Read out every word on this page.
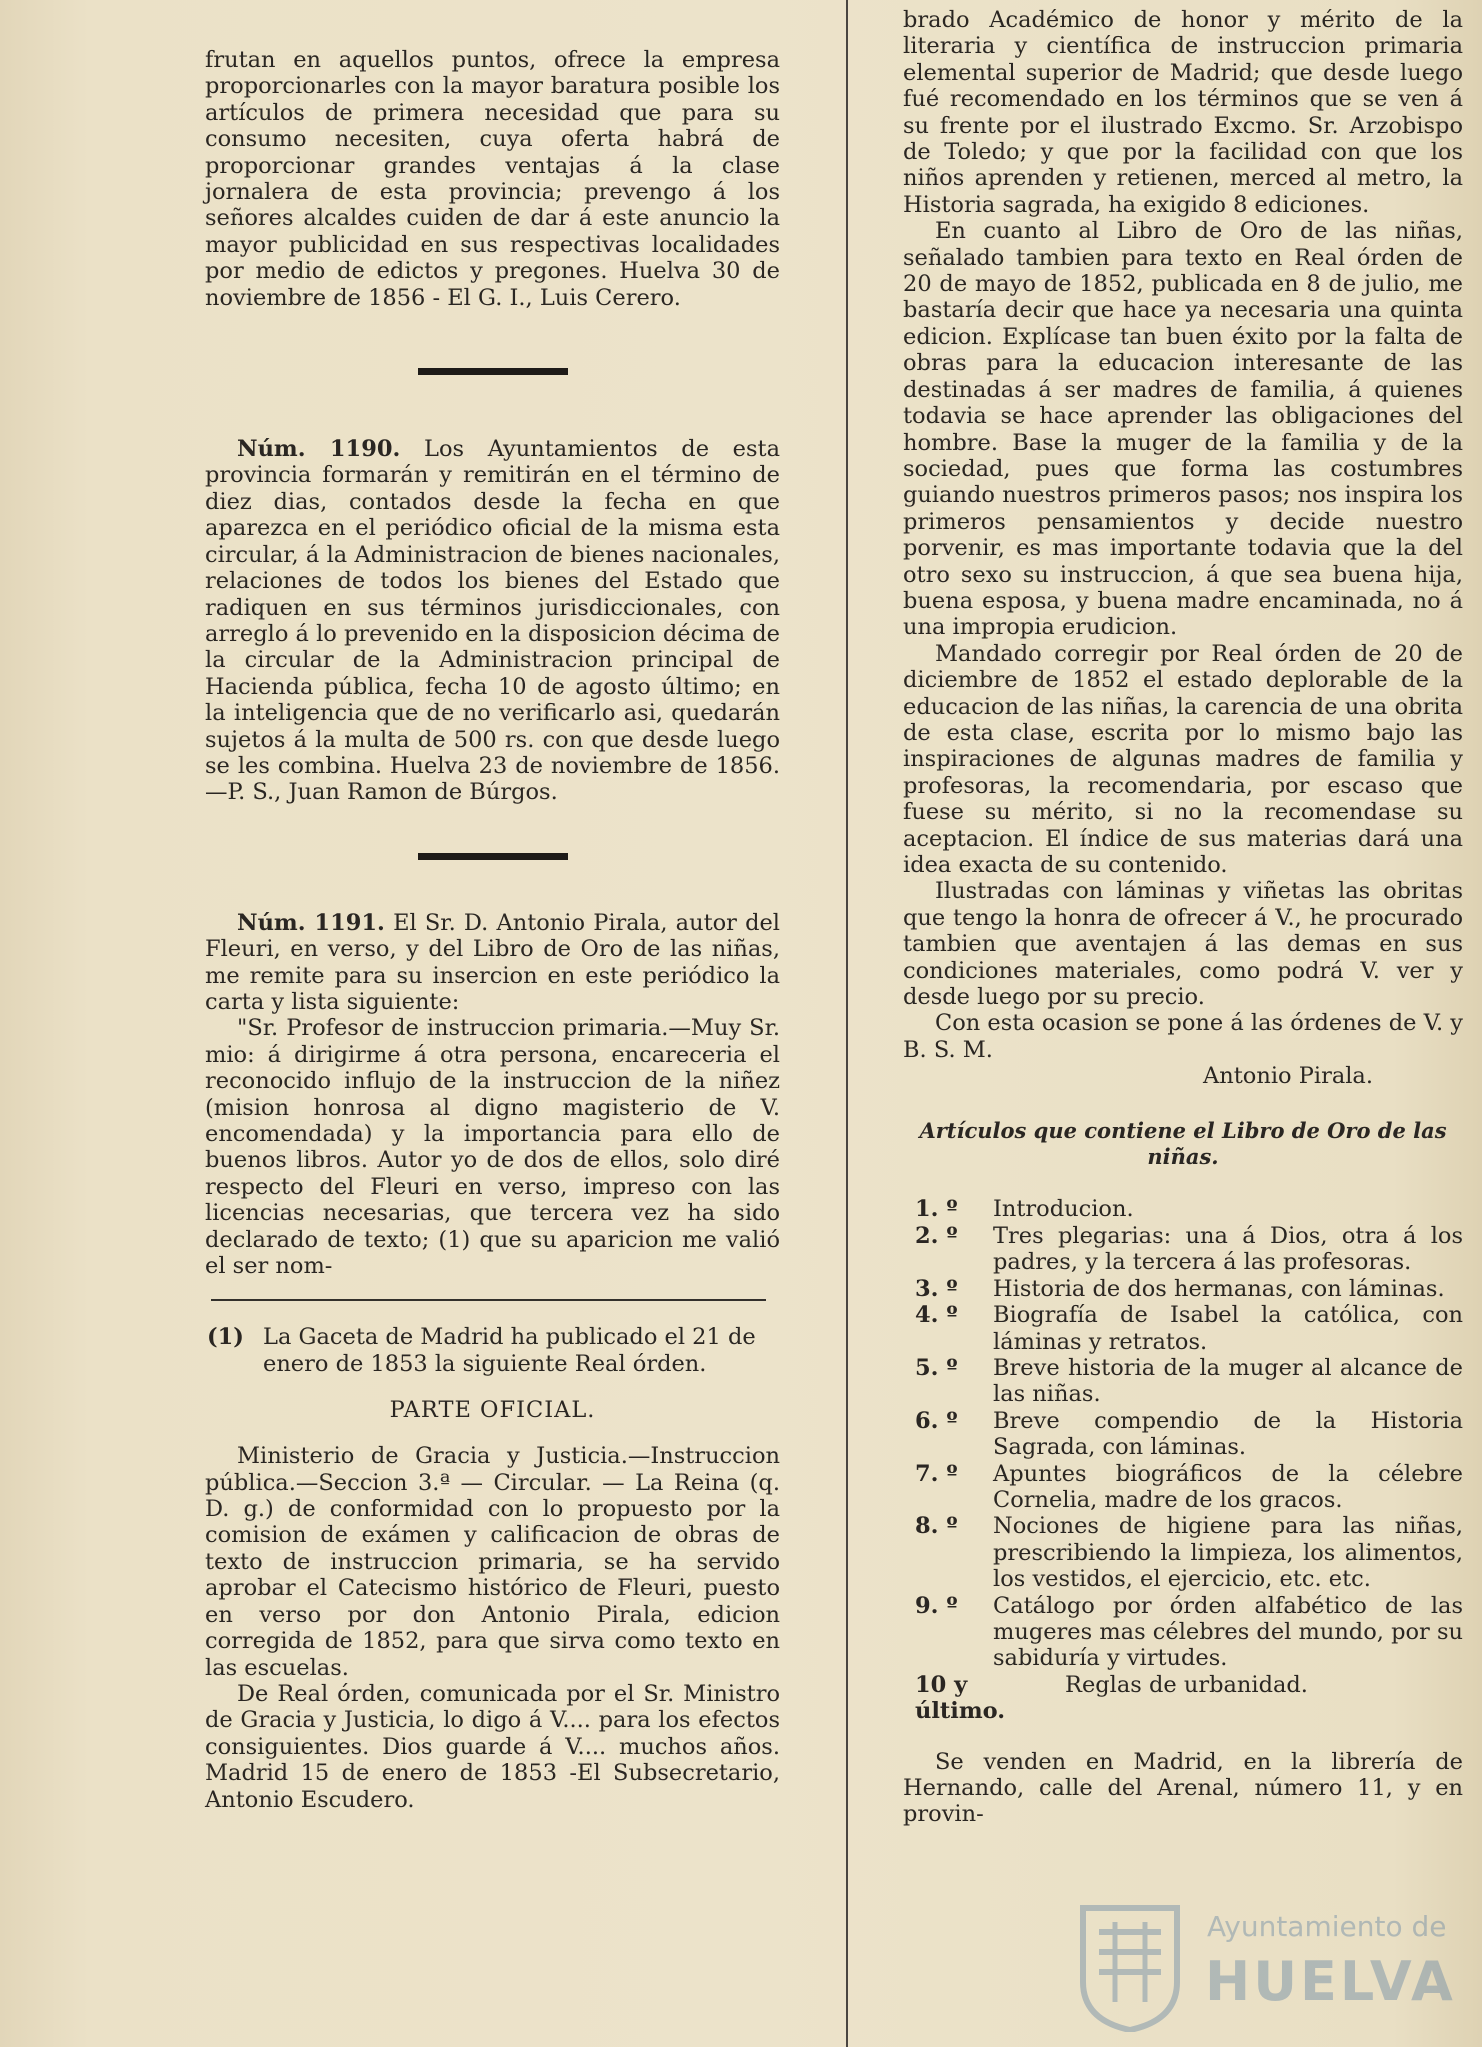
frutan en aquellos puntos, ofrece la empresa proporcionarles con la mayor baratura posible los artículos de primera necesidad que para su consumo necesiten, cuya oferta habrá de proporcionar grandes ventajas á la clase jornalera de esta provincia; prevengo á los señores alcaldes cuiden de dar á este anuncio la mayor publicidad en sus respectivas localidades por medio de edictos y pregones. Huelva 30 de noviembre de 1856 - El G. I., Luis Cerero.

Núm. 1190. Los Ayuntamientos de esta provincia formarán y remitirán en el término de diez dias, contados desde la fecha en que aparezca en el periódico oficial de la misma esta circular, á la Administracion de bienes nacionales, relaciones de todos los bienes del Estado que radiquen en sus términos jurisdiccionales, con arreglo á lo prevenido en la disposicion décima de la circular de la Administracion principal de Hacienda pública, fecha 10 de agosto último; en la inteligencia que de no verificarlo asi, quedarán sujetos á la multa de 500 rs. con que desde luego se les combina. Huelva 23 de noviembre de 1856.—P. S., Juan Ramon de Búrgos.

Núm. 1191. El Sr. D. Antonio Pirala, autor del Fleuri, en verso, y del Libro de Oro de las niñas, me remite para su insercion en este periódico la carta y lista siguiente:

"Sr. Profesor de instruccion primaria.—Muy Sr. mio: á dirigirme á otra persona, encareceria el reconocido influjo de la instruccion de la niñez (mision honrosa al digno magisterio de V. encomendada) y la importancia para ello de buenos libros. Autor yo de dos de ellos, solo diré respecto del Fleuri en verso, impreso con las licencias necesarias, que tercera vez ha sido declarado de texto; (1) que su aparicion me valió el ser nom-

(1) La Gaceta de Madrid ha publicado el 21 de enero de 1853 la siguiente Real órden.
PARTE OFICIAL.

Ministerio de Gracia y Justicia.—Instruccion pública.—Seccion 3.ª — Circular. — La Reina (q. D. g.) de conformidad con lo propuesto por la comision de exámen y calificacion de obras de texto de instruccion primaria, se ha servido aprobar el Catecismo histórico de Fleuri, puesto en verso por don Antonio Pirala, edicion corregida de 1852, para que sirva como texto en las escuelas.

De Real órden, comunicada por el Sr. Ministro de Gracia y Justicia, lo digo á V.... para los efectos consiguientes. Dios guarde á V.... muchos años. Madrid 15 de enero de 1853 -El Subsecretario, Antonio Escudero.

brado Académico de honor y mérito de la literaria y científica de instruccion primaria elemental superior de Madrid; que desde luego fué recomendado en los términos que se ven á su frente por el ilustrado Excmo. Sr. Arzobispo de Toledo; y que por la facilidad con que los niños aprenden y retienen, merced al metro, la Historia sagrada, ha exigido 8 ediciones.

En cuanto al Libro de Oro de las niñas, señalado tambien para texto en Real órden de 20 de mayo de 1852, publicada en 8 de julio, me bastaría decir que hace ya necesaria una quinta edicion. Explícase tan buen éxito por la falta de obras para la educacion interesante de las destinadas á ser madres de familia, á quienes todavia se hace aprender las obligaciones del hombre. Base la muger de la familia y de la sociedad, pues que forma las costumbres guiando nuestros primeros pasos; nos inspira los primeros pensamientos y decide nuestro porvenir, es mas importante todavia que la del otro sexo su instruccion, á que sea buena hija, buena esposa, y buena madre encaminada, no á una impropia erudicion.

Mandado corregir por Real órden de 20 de diciembre de 1852 el estado deplorable de la educacion de las niñas, la carencia de una obrita de esta clase, escrita por lo mismo bajo las inspiraciones de algunas madres de familia y profesoras, la recomendaria, por escaso que fuese su mérito, si no la recomendase su aceptacion. El índice de sus materias dará una idea exacta de su contenido.

Ilustradas con láminas y viñetas las obritas que tengo la honra de ofrecer á V., he procurado tambien que aventajen á las demas en sus condiciones materiales, como podrá V. ver y desde luego por su precio.

Con esta ocasion se pone á las órdenes de V. y B. S. M.

Antonio Pirala.

Artículos que contiene el Libro de Oro de las niñas.

1. º	Introducion.
2. º	Tres plegarias: una á Dios, otra á los padres, y la tercera á las profesoras.
3. º	Historia de dos hermanas, con láminas.
4. º	Biografía de Isabel la católica, con láminas y retratos.
5. º	Breve historia de la muger al alcance de las niñas.
6. º	Breve compendio de la Historia Sagrada, con láminas.
7. º	Apuntes biográficos de la célebre Cornelia, madre de los gracos.
8. º	Nociones de higiene para las niñas, prescribiendo la limpieza, los alimentos, los vestidos, el ejercicio, etc. etc.
9. º	Catálogo por órden alfabético de las mugeres mas célebres del mundo, por su sabiduría y virtudes.
10 y último.
Reglas de urbanidad.

Se venden en Madrid, en la librería de Hernando, calle del Arenal, número 11, y en provin-

Ayuntamiento de
HUELVA
